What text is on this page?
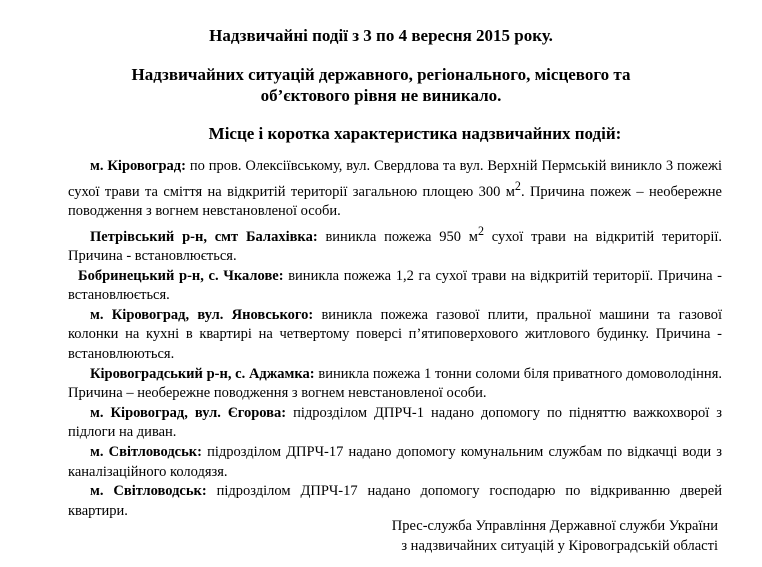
Надзвичайні події з 3 по 4 вересня 2015 року.

Надзвичайних ситуацій державного, регіонального, місцевого та
об’єктового рівня не виникало.

Місце і коротка характеристика надзвичайних подій:

м. Кіровоград: по пров. Олексіївському, вул. Свердлова та вул. Верхній Пермській виникло 3 пожежі сухої трави та сміття на відкритій території загальною площею 300 $м^2$. Причина пожеж – необережне поводження з вогнем невстановленої особи.

Петрівський р-н, смт Балахівка: виникла пожежа 950 $м^2$ сухої трави на відкритій території. Причина - встановлюється.

Бобринецький р-н, с. Чкалове: виникла пожежа 1,2 га сухої трави на відкритій території. Причина - встановлюється.

м. Кіровоград, вул. Яновського: виникла пожежа газової плити, пральної машини та газової колонки на кухні в квартирі на четвертому поверсі п’ятиповерхового житлового будинку. Причина - встановлюються.

Кіровоградський р-н, с. Аджамка: виникла пожежа 1 тонни соломи біля приватного домоволодіння. Причина – необережне поводження з вогнем невстановленої особи.

м. Кіровоград, вул. Єгорова: підрозділом ДПРЧ-1 надано допомогу по підняттю важкохворої з підлоги на диван.

м. Світловодськ: підрозділом ДПРЧ-17 надано допомогу комунальним службам по відкачці води з каналізаційного колодязя.

м. Світловодськ: підрозділом ДПРЧ-17 надано допомогу господарю по відкриванню дверей квартири.

Прес-служба Управління Державної служби України
з надзвичайних ситуацій у Кіровоградській області
